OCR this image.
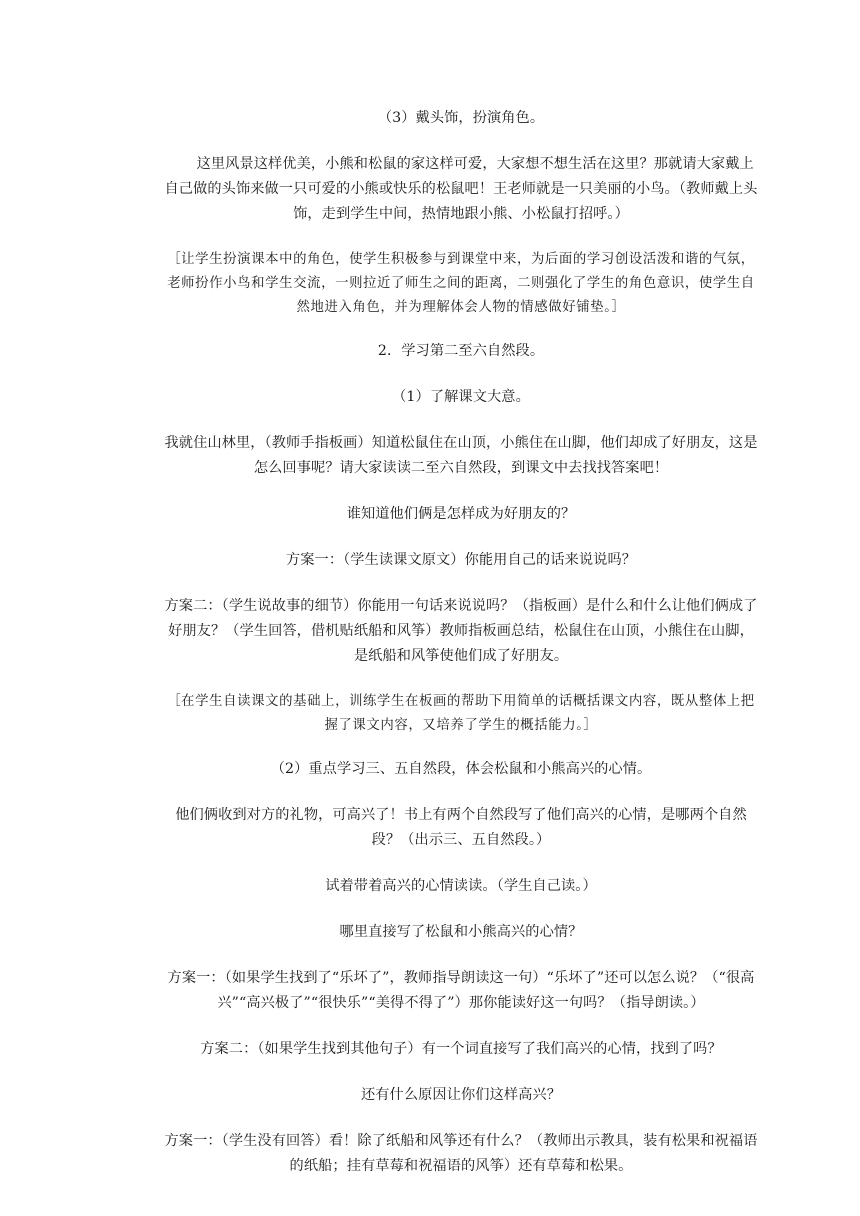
（3）戴头饰，扮演角色。

这里风景这样优美，小熊和松鼠的家这样可爱，大家想不想生活在这里？那就请大家戴上自己做的头饰来做一只可爱的小熊或快乐的松鼠吧！王老师就是一只美丽的小鸟。（教师戴上头饰，走到学生中间，热情地跟小熊、小松鼠打招呼。）

［让学生扮演课本中的角色，使学生积极参与到课堂中来，为后面的学习创设活泼和谐的气氛，老师扮作小鸟和学生交流，一则拉近了师生之间的距离，二则强化了学生的角色意识，使学生自然地进入角色，并为理解体会人物的情感做好铺垫。］

2．学习第二至六自然段。

（1）了解课文大意。

我就住山林里，（教师手指板画）知道松鼠住在山顶，小熊住在山脚，他们却成了好朋友，这是怎么回事呢？请大家读读二至六自然段，到课文中去找找答案吧！

谁知道他们俩是怎样成为好朋友的？

方案一：（学生读课文原文）你能用自己的话来说说吗？

方案二：（学生说故事的细节）你能用一句话来说说吗？（指板画）是什么和什么让他们俩成了好朋友？（学生回答，借机贴纸船和风筝）教师指板画总结，松鼠住在山顶，小熊住在山脚，是纸船和风筝使他们成了好朋友。

［在学生自读课文的基础上，训练学生在板画的帮助下用简单的话概括课文内容，既从整体上把握了课文内容，又培养了学生的概括能力。］

（2）重点学习三、五自然段，体会松鼠和小熊高兴的心情。

他们俩收到对方的礼物，可高兴了！书上有两个自然段写了他们高兴的心情，是哪两个自然段？（出示三、五自然段。）

试着带着高兴的心情读读。（学生自己读。）

哪里直接写了松鼠和小熊高兴的心情？

方案一：（如果学生找到了“乐坏了”，教师指导朗读这一句）“乐坏了”还可以怎么说？（“很高兴”“高兴极了”“很快乐”“美得不得了”）那你能读好这一句吗？（指导朗读。）

方案二：（如果学生找到其他句子）有一个词直接写了我们高兴的心情，找到了吗？

还有什么原因让你们这样高兴？

方案一：（学生没有回答）看！除了纸船和风筝还有什么？（教师出示教具，装有松果和祝福语的纸船；挂有草莓和祝福语的风筝）还有草莓和松果。
